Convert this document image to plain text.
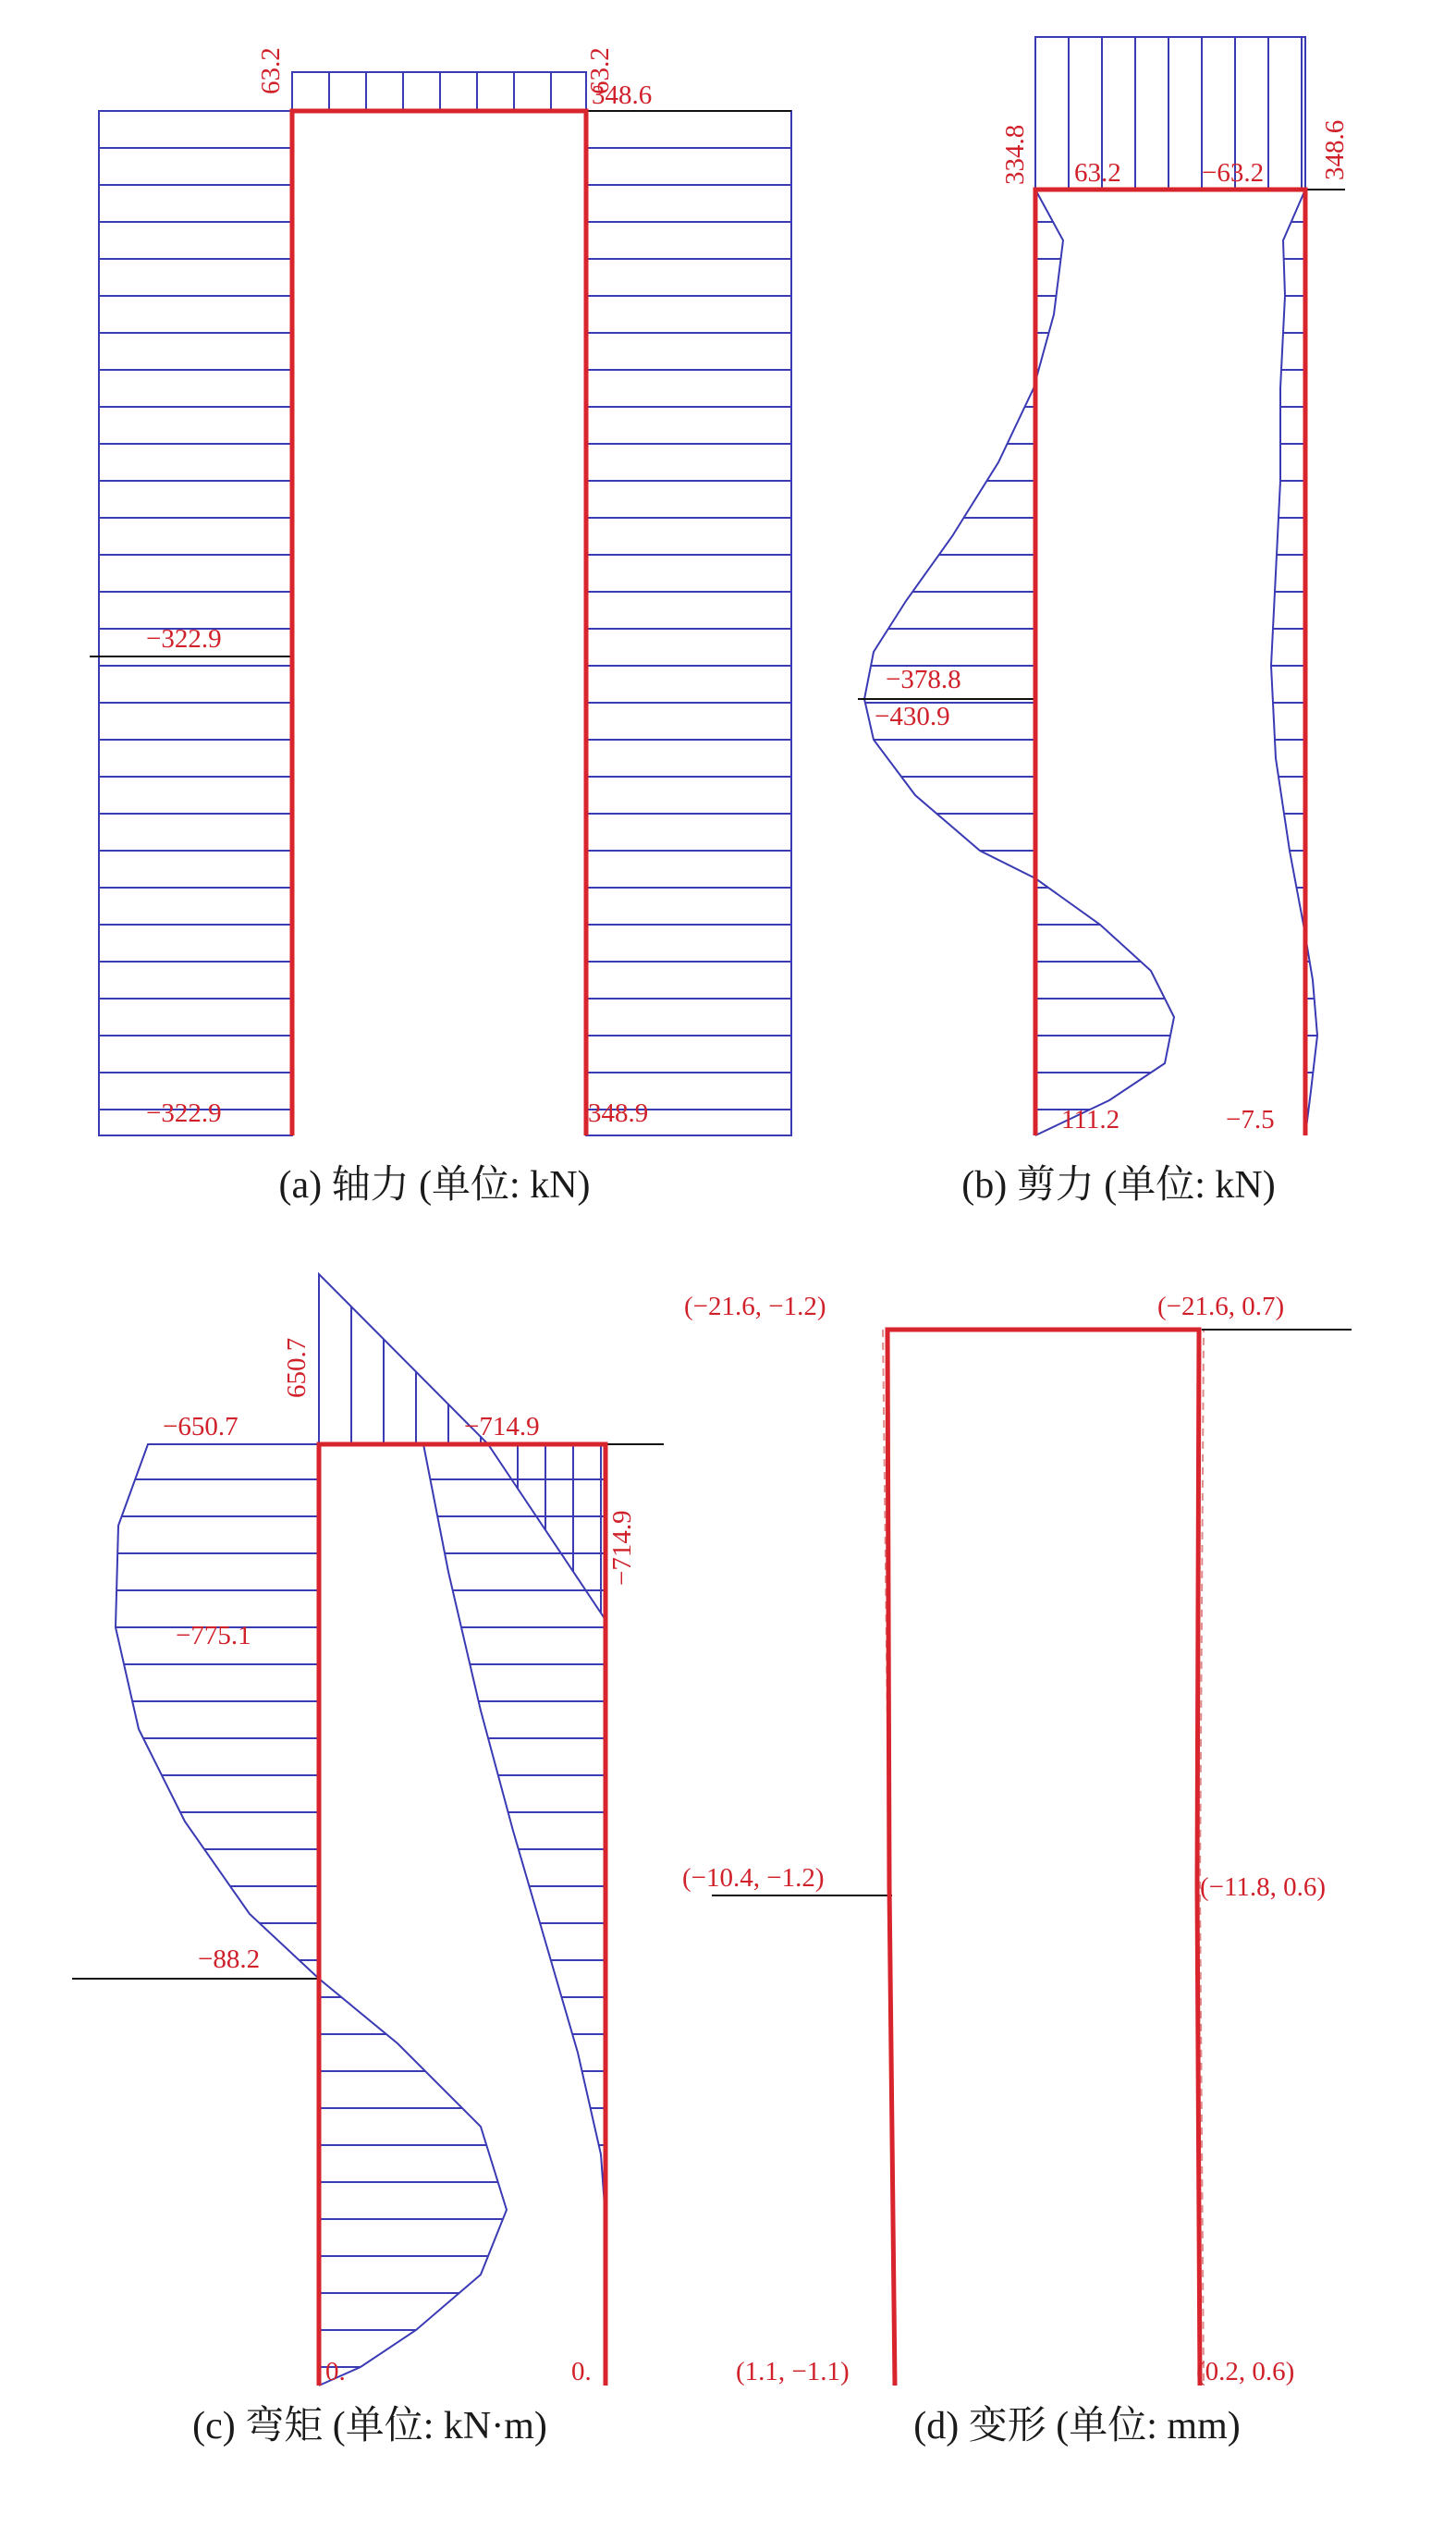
63.2	63.2
348.6
−322.9
−322.9	348.9
(a) 轴力 (单位: kN)
334.8 63.2	−63.2 348.6
−378.8
−430.9
111.2	−7.5
(b) 剪力 (单位: kN)
650.7
−650.7	−714.9
−714.9
−775.1
−88.2
0.	0.
(c) 弯矩 (单位: kN·m)
(−21.6, −1.2)	(−21.6, 0.7)
(−10.4, −1.2)	(−11.8, 0.6)
(1.1, −1.1)	(0.2, 0.6)
(d) 变形 (单位: mm)
